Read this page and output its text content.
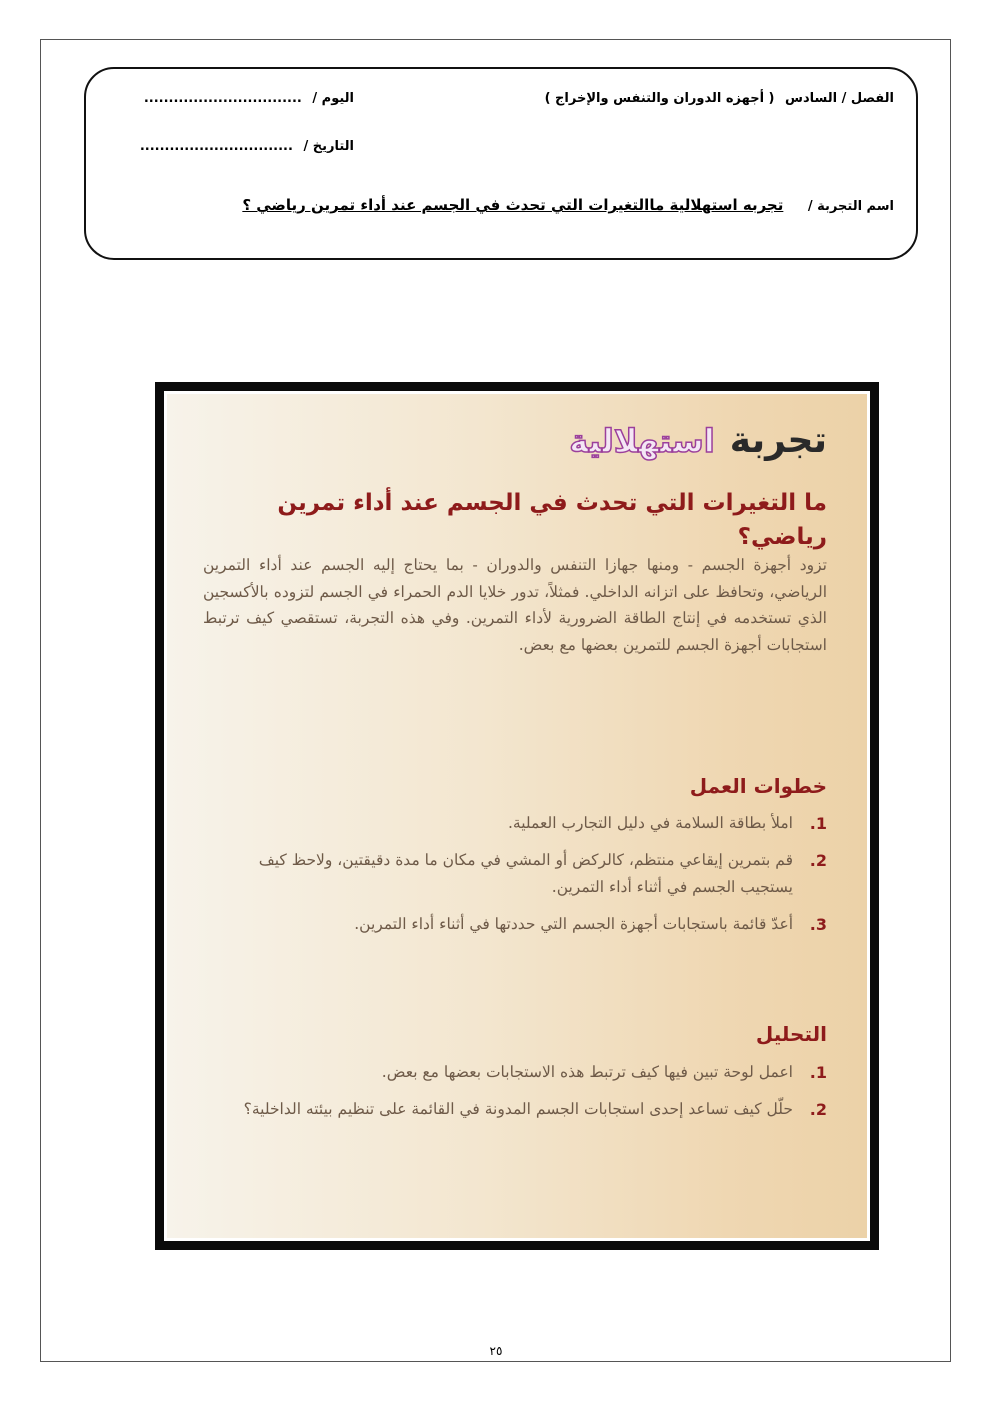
الفصل / السادس ( أجهزه الدوران والتنفس والإخراج )
اليوم / ................................
التاريخ / ...............................
اسم التجربة / تجربه استهلالية ماالتغيرات التي تحدث في الجسم عند أداء تمرين رياضي ؟
تجربة استهلالية
ما التغيرات التي تحدث في الجسم عند أداء تمرين رياضي؟
تزود أجهزة الجسم - ومنها جهازا التنفس والدوران - بما يحتاج إليه الجسم عند أداء التمرين الرياضي، وتحافظ على اتزانه الداخلي. فمثلاً، تدور خلايا الدم الحمراء في الجسم لتزوده بالأكسجين الذي تستخدمه في إنتاج الطاقة الضرورية لأداء التمرين. وفي هذه التجربة، تستقصي كيف ترتبط استجابات أجهزة الجسم للتمرين بعضها مع بعض.
خطوات العمل
1.
املأ بطاقة السلامة في دليل التجارب العملية.
2.
قم بتمرين إيقاعي منتظم، كالركض أو المشي في مكان ما مدة دقيقتين، ولاحظ كيف يستجيب الجسم في أثناء أداء التمرين.
3.
أعدّ قائمة باستجابات أجهزة الجسم التي حددتها في أثناء أداء التمرين.
التحليل
1.
اعمل لوحة تبين فيها كيف ترتبط هذه الاستجابات بعضها مع بعض.
2.
حلّل كيف تساعد إحدى استجابات الجسم المدونة في القائمة على تنظيم بيئته الداخلية؟
٢٥
